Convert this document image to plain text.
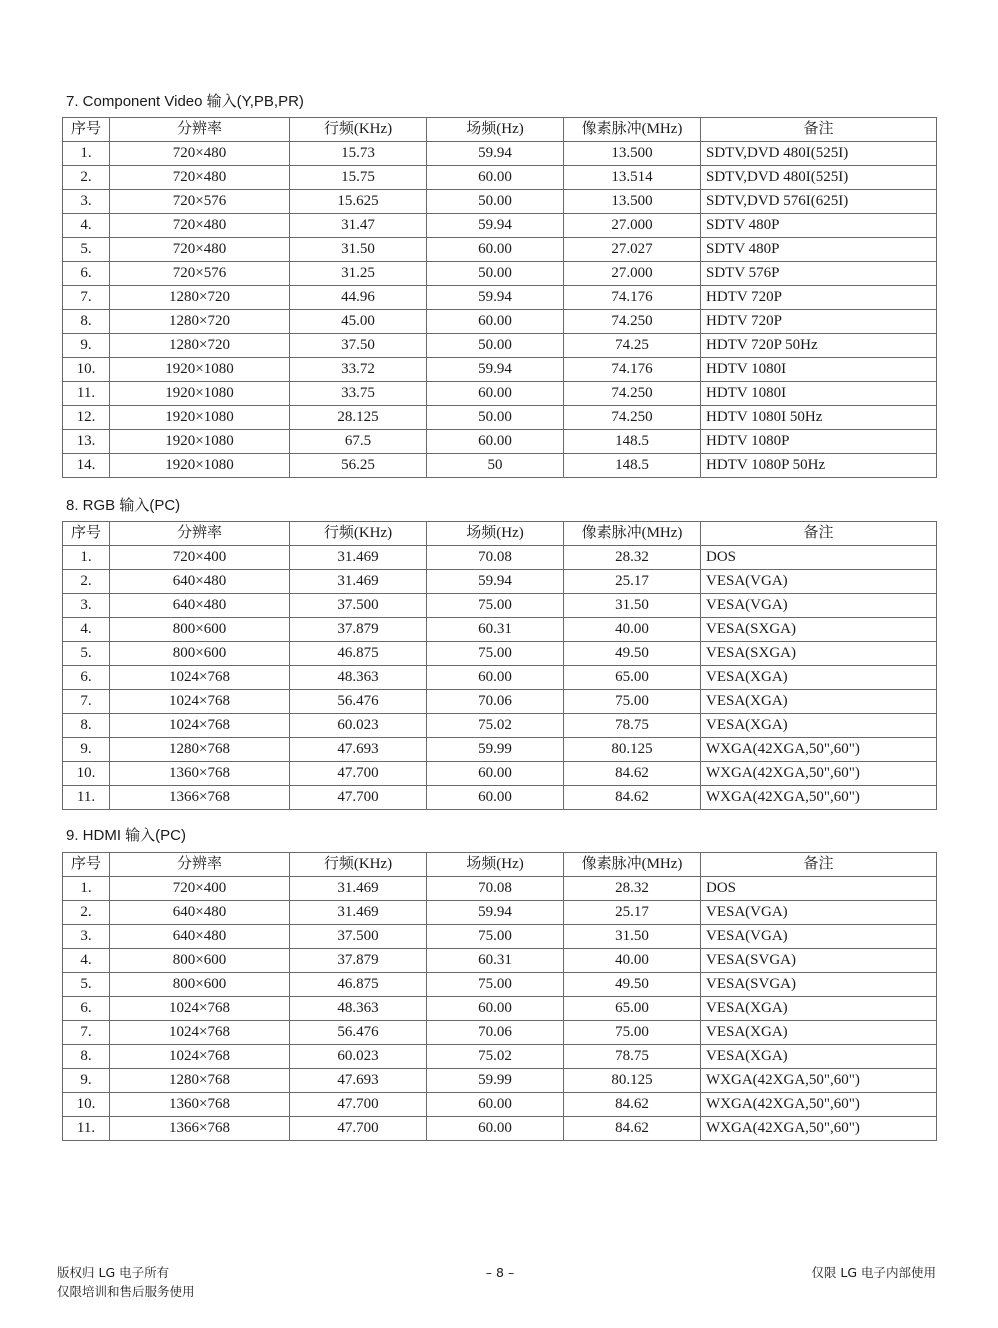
7. Component Video 输入(Y,PB,PR)
序号	分辨率	行频(KHz)	场频(Hz)	像素脉冲(MHz)	备注
1.	720×480	15.73	59.94	13.500	SDTV,DVD 480I(525I)
2.	720×480	15.75	60.00	13.514	SDTV,DVD 480I(525I)
3.	720×576	15.625	50.00	13.500	SDTV,DVD 576I(625I)
4.	720×480	31.47	59.94	27.000	SDTV 480P
5.	720×480	31.50	60.00	27.027	SDTV 480P
6.	720×576	31.25	50.00	27.000	SDTV 576P
7.	1280×720	44.96	59.94	74.176	HDTV 720P
8.	1280×720	45.00	60.00	74.250	HDTV 720P
9.	1280×720	37.50	50.00	74.25	HDTV 720P 50Hz
10.	1920×1080	33.72	59.94	74.176	HDTV 1080I
11.	1920×1080	33.75	60.00	74.250	HDTV 1080I
12.	1920×1080	28.125	50.00	74.250	HDTV 1080I 50Hz
13.	1920×1080	67.5	60.00	148.5	HDTV 1080P
14.	1920×1080	56.25	50	148.5	HDTV 1080P 50Hz
8. RGB 输入(PC)
序号	分辨率	行频(KHz)	场频(Hz)	像素脉冲(MHz)	备注
1.	720×400	31.469	70.08	28.32	DOS
2.	640×480	31.469	59.94	25.17	VESA(VGA)
3.	640×480	37.500	75.00	31.50	VESA(VGA)
4.	800×600	37.879	60.31	40.00	VESA(SXGA)
5.	800×600	46.875	75.00	49.50	VESA(SXGA)
6.	1024×768	48.363	60.00	65.00	VESA(XGA)
7.	1024×768	56.476	70.06	75.00	VESA(XGA)
8.	1024×768	60.023	75.02	78.75	VESA(XGA)
9.	1280×768	47.693	59.99	80.125	WXGA(42XGA,50",60")
10.	1360×768	47.700	60.00	84.62	WXGA(42XGA,50",60")
11.	1366×768	47.700	60.00	84.62	WXGA(42XGA,50",60")
9. HDMI 输入(PC)
序号	分辨率	行频(KHz)	场频(Hz)	像素脉冲(MHz)	备注
1.	720×400	31.469	70.08	28.32	DOS
2.	640×480	31.469	59.94	25.17	VESA(VGA)
3.	640×480	37.500	75.00	31.50	VESA(VGA)
4.	800×600	37.879	60.31	40.00	VESA(SVGA)
5.	800×600	46.875	75.00	49.50	VESA(SVGA)
6.	1024×768	48.363	60.00	65.00	VESA(XGA)
7.	1024×768	56.476	70.06	75.00	VESA(XGA)
8.	1024×768	60.023	75.02	78.75	VESA(XGA)
9.	1280×768	47.693	59.99	80.125	WXGA(42XGA,50",60")
10.	1360×768	47.700	60.00	84.62	WXGA(42XGA,50",60")
11.	1366×768	47.700	60.00	84.62	WXGA(42XGA,50",60")
版权归 LG 电子所有
仅限培训和售后服务使用
– 8 –	仅限 LG 电子内部使用
